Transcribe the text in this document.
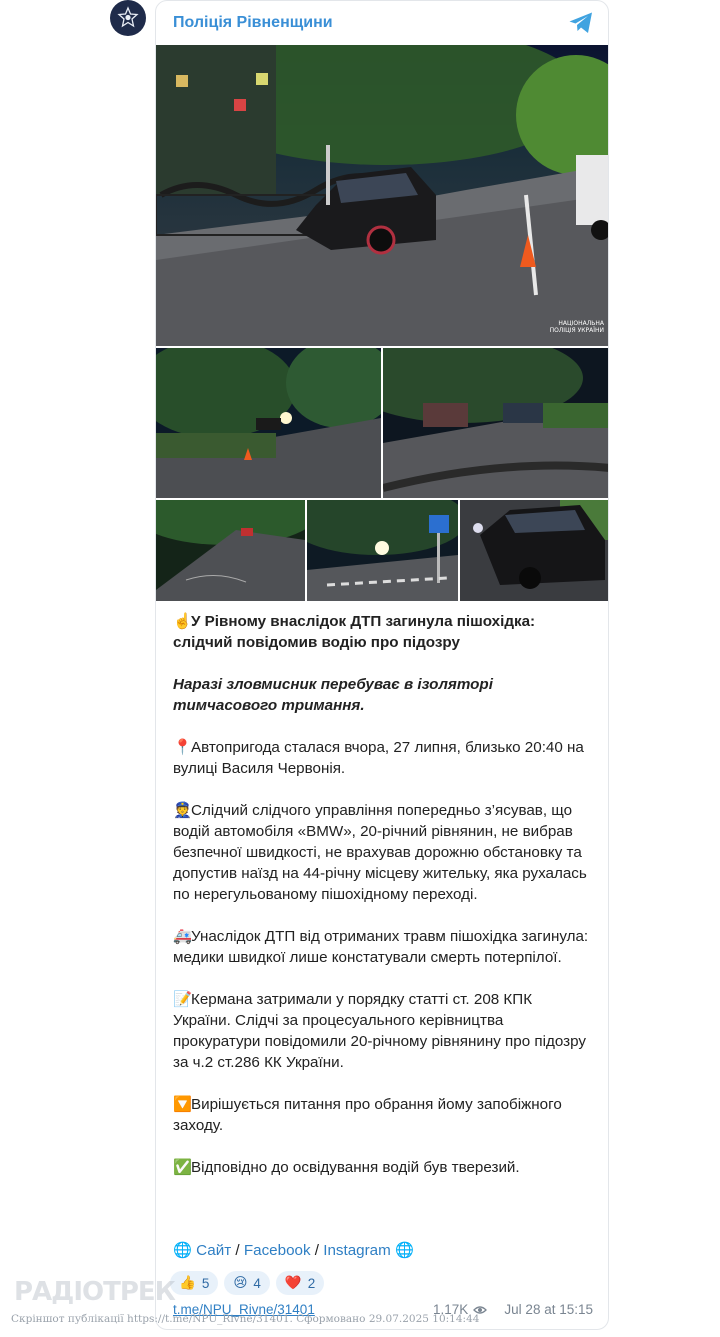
Поліція Рівненщини
НАЦІОНАЛЬНА
ПОЛІЦІЯ УКРАЇНИ

☝️У Рівному внаслідок ДТП загинула пішохідка: слідчий повідомив водію про підозру

Наразі зловмисник перебуває в ізоляторі тимчасового тримання.

📍Автопригода сталася вчора, 27 липня, близько 20:40 на вулиці Василя Червонія.

👮Слідчий слідчого управління попередньо з’ясував, що водій автомобіля «BMW», 20-річний рівнянин, не вибрав безпечної швидкості, не врахував дорожню обстановку та допустив наїзд на 44-річну місцеву жительку, яка рухалась по нерегульованому пішохідному переході.

🚑Унаслідок ДТП від отриманих травм пішохідка загинула: медики швидкої лише констатували смерть потерпілої.

📝Кермана затримали у порядку статті ст. 208 КПК України. Слідчі за процесуального керівництва прокуратури повідомили 20-річному рівнянину про підозру за ч.2 ст.286 КК України.

🔽Вирішується питання про обрання йому запобіжного заходу.

✅Відповідно до освідування водій був тверезий.

🌐 Сайт / Facebook / Instagram 🌐
👍 5 😢 4 ❤️ 2
t.me/NPU_Rivne/31401	1.17K	Jul 28 at 15:15
РАДІОТРЕК
Скріншот публікації https://t.me/NPU_Rivne/31401. Сформовано 29.07.2025 10:14:44
